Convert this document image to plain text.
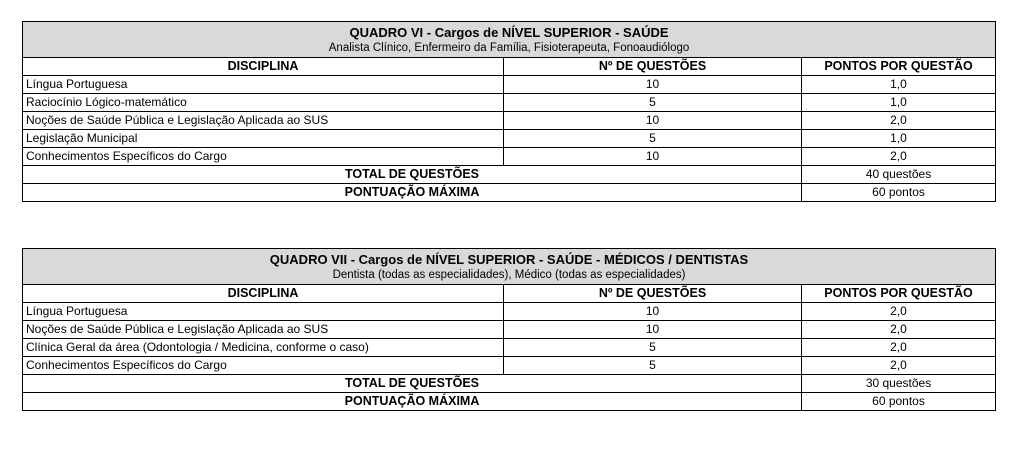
QUADRO VI - Cargos de NÍVEL SUPERIOR - SAÚDE
Analista Clínico, Enfermeiro da Família, Fisioterapeuta, Fonoaudiólogo		

DISCIPLINA	Nº DE QUESTÕES	PONTOS POR QUESTÃO
Língua Portuguesa	10	1,0
Raciocínio Lógico-matemático	5	1,0
Noções de Saúde Pública e Legislação Aplicada ao SUS	10	2,0
Legislação Municipal	5	1,0
Conhecimentos Específicos do Cargo	10	2,0
TOTAL DE QUESTÕES		40 questões
PONTUAÇÃO MÁXIMA		60 pontos
QUADRO VII - Cargos de NÍVEL SUPERIOR - SAÚDE - MÉDICOS / DENTISTAS
Dentista (todas as especialidades), Médico (todas as especialidades)		

DISCIPLINA	Nº DE QUESTÕES	PONTOS POR QUESTÃO
Língua Portuguesa	10	2,0
Noções de Saúde Pública e Legislação Aplicada ao SUS	10	2,0
Clínica Geral da área (Odontologia / Medicina, conforme o caso)	5	2,0
Conhecimentos Específicos do Cargo	5	2,0
TOTAL DE QUESTÕES		30 questões
PONTUAÇÃO MÁXIMA		60 pontos
